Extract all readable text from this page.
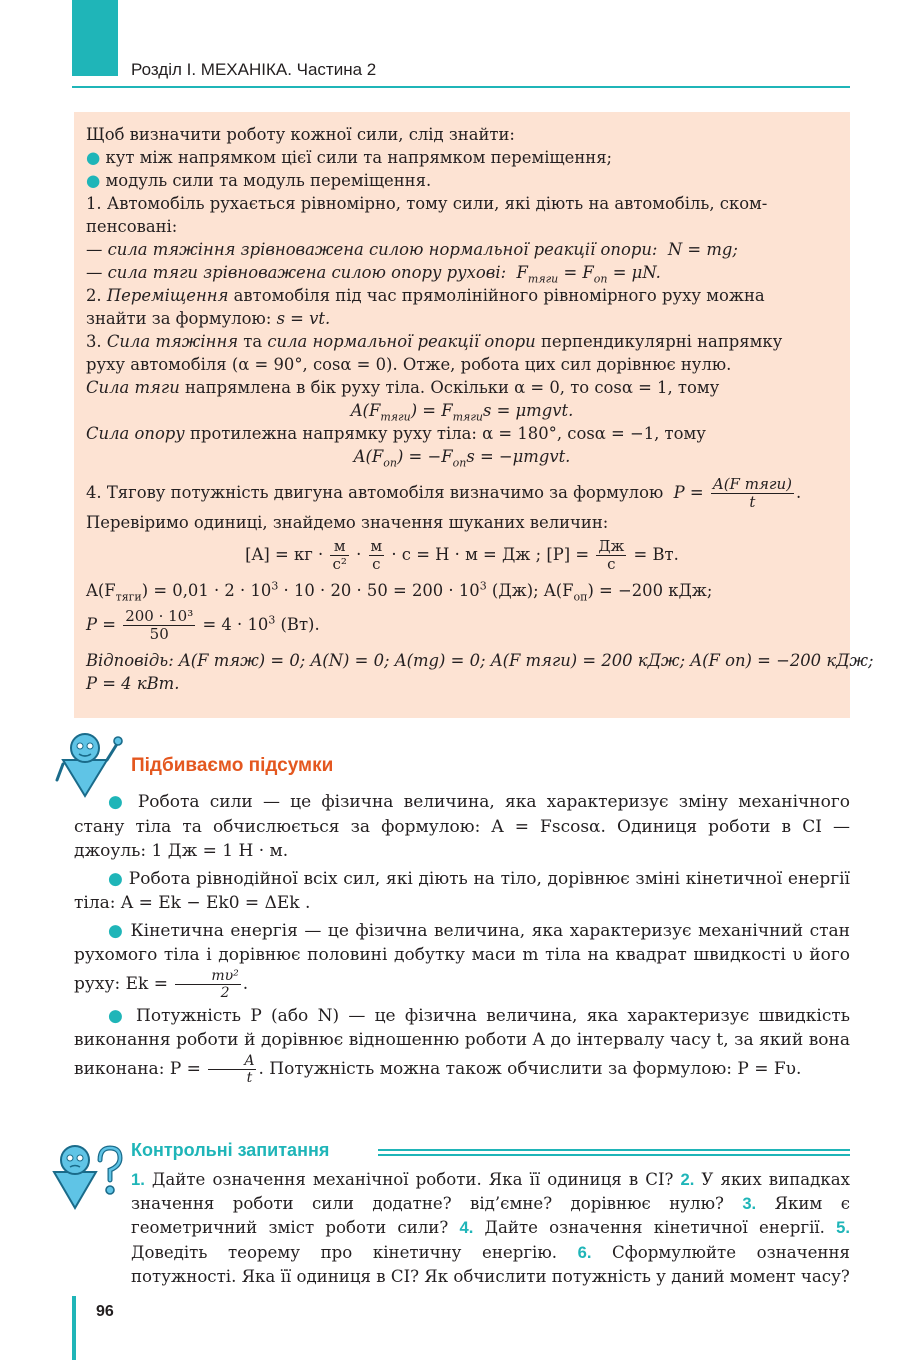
Розділ І. МЕХАНІКА. Частина 2
Щоб визначити роботу кожної сили, слід знайти:
● кут між напрямком цієї сили та напрямком переміщення;
● модуль сили та модуль переміщення.
1. Автомобіль рухається рівномірно, тому сили, які діють на автомобіль, ском-
пенсовані:
— сила тяжіння зрівноважена силою нормальної реакції опори: N = mg;
— сила тяги зрівноважена силою опору руховi: $F_{тяги} = F_{оп} = \mu N$.
2. Переміщення автомобіля під час прямолінійного рівномірного руху можна
знайти за формулою: s = vt.
3. Сила тяжіння та сила нормальної реакції опори перпендикулярні напрямку
руху автомобіля (α = 90°, cosα = 0). Отже, робота цих сил дорівнює нулю.
Сила тяги напрямлена в бік руху тіла. Оскільки α = 0, то cosα = 1, тому
$A(F_{тяги}) = F_{тяги}s$ = μmgvt.
Сила опору протилежна напрямку руху тіла: α = 180°, cosα = −1, тому
$A(F_{оп}) = -F_{оп}s$ = −μmgvt.
4. Тягову потужність двигуна автомобіля визначимо за формулою $P = \frac{\text{A(F тяги)}}{t}$ .
Перевіримо одиниці, знайдемо значення шуканих величин:
[A] = кг · $\frac{м}{\text{с²}} \cdot \frac{м}{с} \cdot с = Н \cdot м$ = Дж ; $[P] = \frac{Дж}{с}$ = Вт.
$A(F_{тяги}) = 0,01 \cdot 2 \cdot 10^3 \cdot 10 \cdot 20 \cdot 50 = 200 \cdot 10^3$ (Дж); $A(F_{оп}) = -200$ кДж;
$P = \frac{\text{200 · 10³}}{50} = 4 \cdot 10^3$ (Вт).
Відповідь: A(F тяж) = 0; A(N) = 0; A(mg) = 0; A(F тяги) = 200 кДж; A(F оп) = −200 кДж;
P = 4 кВт.
Підбиваємо підсумки

● Робота сили — це фізична величина, яка характеризує зміну механічного стану тіла та обчислюється за формулою: A = Fscosα. Одиниця роботи в СІ — джоуль: 1 Дж = 1 Н · м.

● Робота рівнодійної всіх сил, які діють на тіло, дорівнює зміні кінетичної енергії тіла: A = Ek − Ek0 = ΔEk .

● Кінетична енергія — це фізична величина, яка характеризує механічний стан рухомого тіла і дорівнює половині добутку маси m тіла на квадрат швидкості υ його руху: $Ek = \frac{\text{mυ²}}{2}$ .

● Потужність P (або N) — це фізична величина, яка характеризує швидкість виконання роботи й дорівнює відношенню роботи A до інтервалу часу t, за який вона виконана: $P = \frac{A}{t}$ . Потужність можна також обчислити за формулою: P = Fυ.

Контрольні запитання
1. Дайте означення механічної роботи. Яка її одиниця в СІ? 2. У яких випадках значення роботи сили додатне? від’ємне? дорівнює нулю? 3. Яким є геометричний зміст роботи сили? 4. Дайте означення кінетичної енергії. 5. Доведіть теорему про кінетичну енергію. 6. Сформулюйте означення потужності. Яка її одиниця в СІ? Як обчислити потужність у даний момент часу?
96
